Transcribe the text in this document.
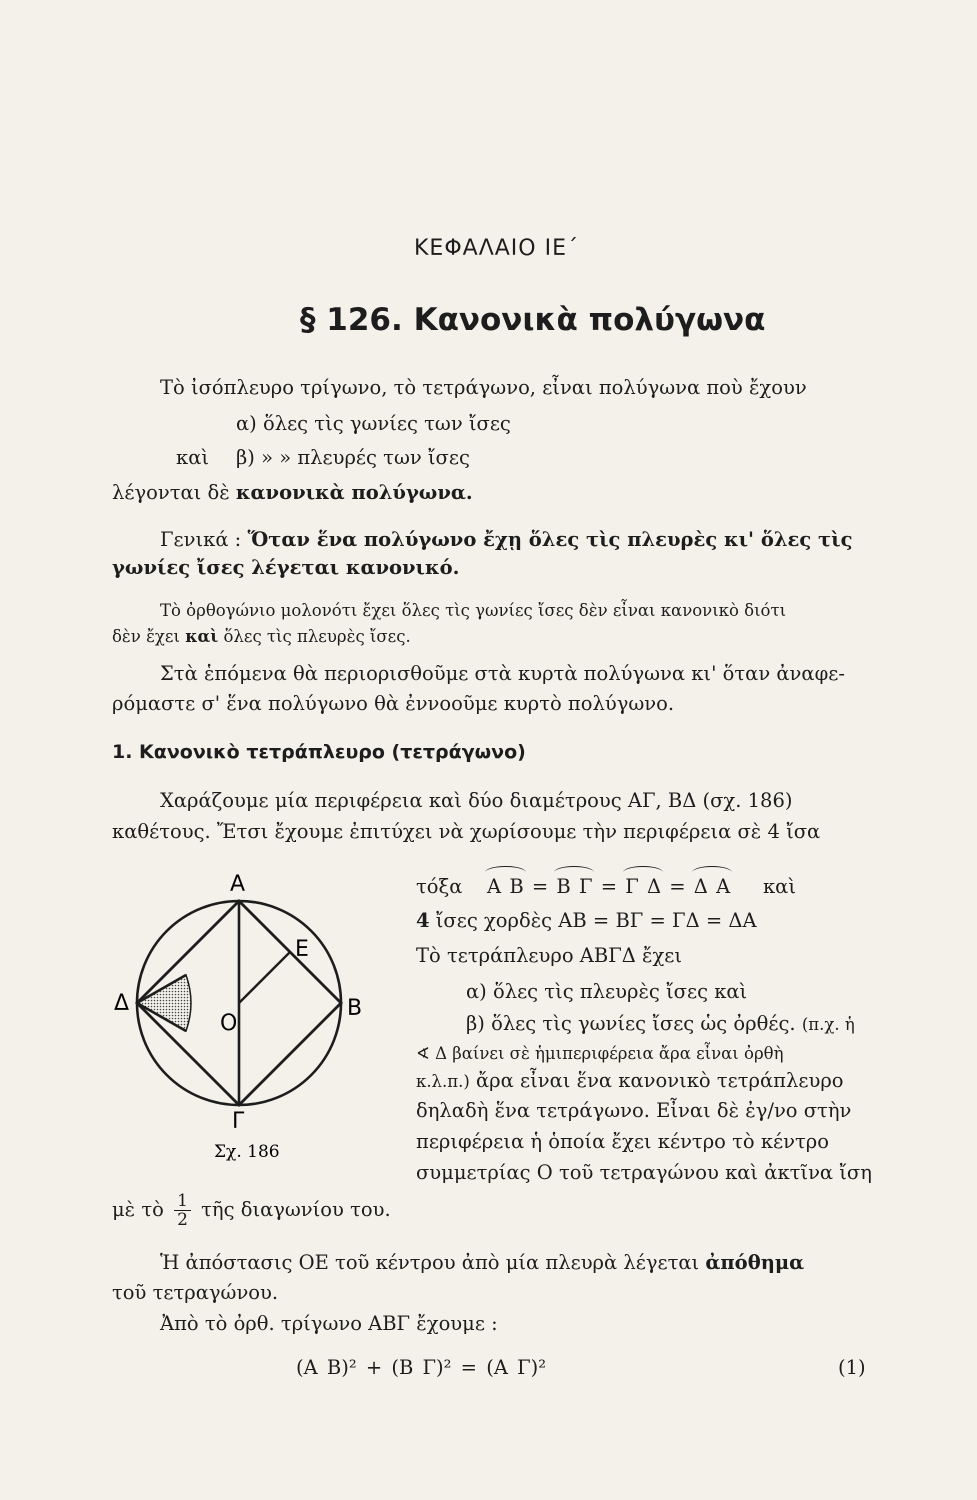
ΚΕΦΑΛΑΙΟ ΙΕ΄
§ 126. Κανονικὰ πολύγωνα
Τὸ ἰσόπλευρο τρίγωνο, τὸ τετράγωνο, εἶναι πολύγωνα ποὺ ἔχουν
α) ὅλες τὶς γωνίες των ἴσες
καὶ β) » » πλευρές των ἴσες
λέγονται δὲ κανονικὰ πολύγωνα.
Γενικά : Ὅταν ἕνα πολύγωνο ἔχῃ ὅλες τὶς πλευρὲς κι' ὅλες τὶς
γωνίες ἴσες λέγεται κανονικό.
Τὸ ὀρθογώνιο μολονότι ἔχει ὅλες τὶς γωνίες ἴσες δὲν εἶναι κανονικὸ διότι
δὲν ἔχει καὶ ὅλες τὶς πλευρὲς ἴσες.
Στὰ ἑπόμενα θὰ περιορισθοῦμε στὰ κυρτὰ πολύγωνα κι' ὅταν ἀναφε-
ρόμαστε σ' ἕνα πολύγωνο θὰ ἐννοοῦμε κυρτὸ πολύγωνο.
1. Κανονικὸ τετράπλευρο (τετράγωνο)
Χαράζουμε μία περιφέρεια καὶ δύο διαμέτρους ΑΓ, ΒΔ (σχ. 186)
καθέτους. Ἔτσι ἔχουμε ἐπιτύχει νὰ χωρίσουμε τὴν περιφέρεια σὲ 4 ἴσα
Α
Β
Γ
Δ
Ο
Ε
Σχ. 186
τόξα Α Β = Β Γ = Γ Δ = Δ Α καὶ
4 ἴσες χορδὲς ΑΒ = ΒΓ = ΓΔ = ΔΑ
Τὸ τετράπλευρο ΑΒΓΔ ἔχει
α) ὅλες τὶς πλευρὲς ἴσες καὶ
β) ὅλες τὶς γωνίες ἴσες ὡς ὀρθές. (π.χ. ἡ
∢ Δ βαίνει σὲ ἡμιπεριφέρεια ἄρα εἶναι ὀρθὴ
κ.λ.π.) ἄρα εἶναι ἕνα κανονικὸ τετράπλευρο
δηλαδὴ ἕνα τετράγωνο. Εἶναι δὲ ἐγ/νο στὴν
περιφέρεια ἡ ὁποία ἔχει κέντρο τὸ κέντρο
συμμετρίας Ο τοῦ τετραγώνου καὶ ἀκτῖνα ἴση
μὲ τὸ $\frac{1}{2}$ τῆς διαγωνίου του.
Ἡ ἀπόστασις ΟΕ τοῦ κέντρου ἀπὸ μία πλευρὰ λέγεται ἀπόθημα
τοῦ τετραγώνου.
Ἀπὸ τὸ ὀρθ. τρίγωνο ΑΒΓ ἔχουμε :
(Α Β)² + (Β Γ)² = (Α Γ)²	(1)
